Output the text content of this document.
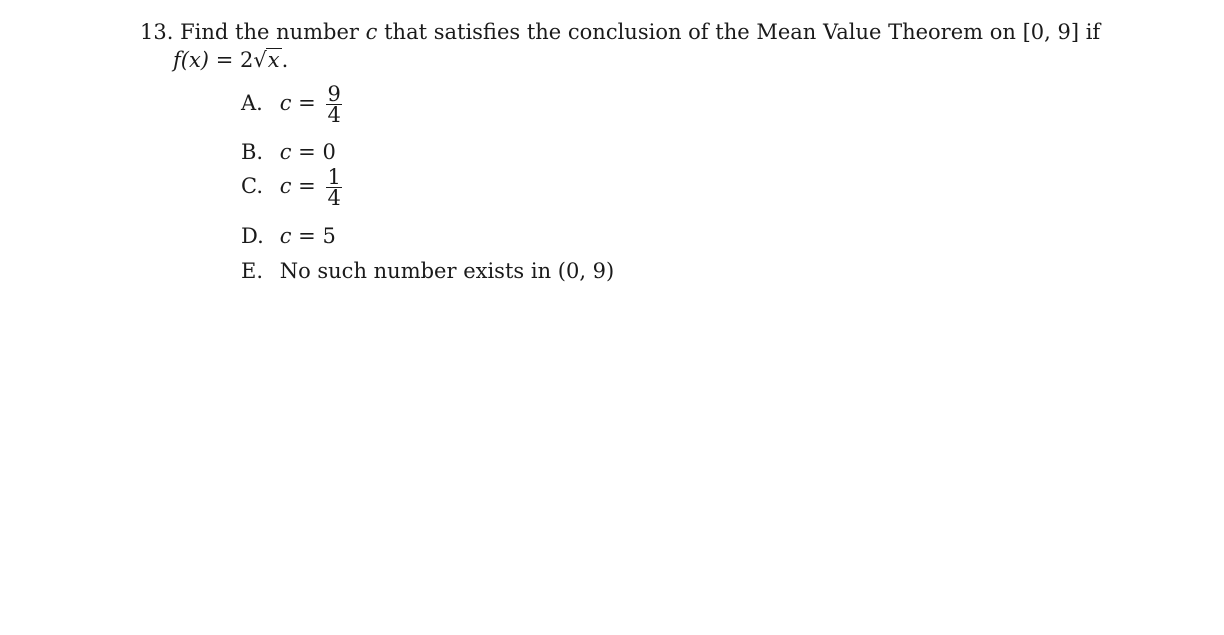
13. Find the number c that satisfies the conclusion of the Mean Value Theorem on [0, 9] if
f(x) = 2√x.
A. $c = \frac{9}{4}$
B. c = 0
C. $c = \frac{1}{4}$
D. c = 5
E. No such number exists in (0, 9)
